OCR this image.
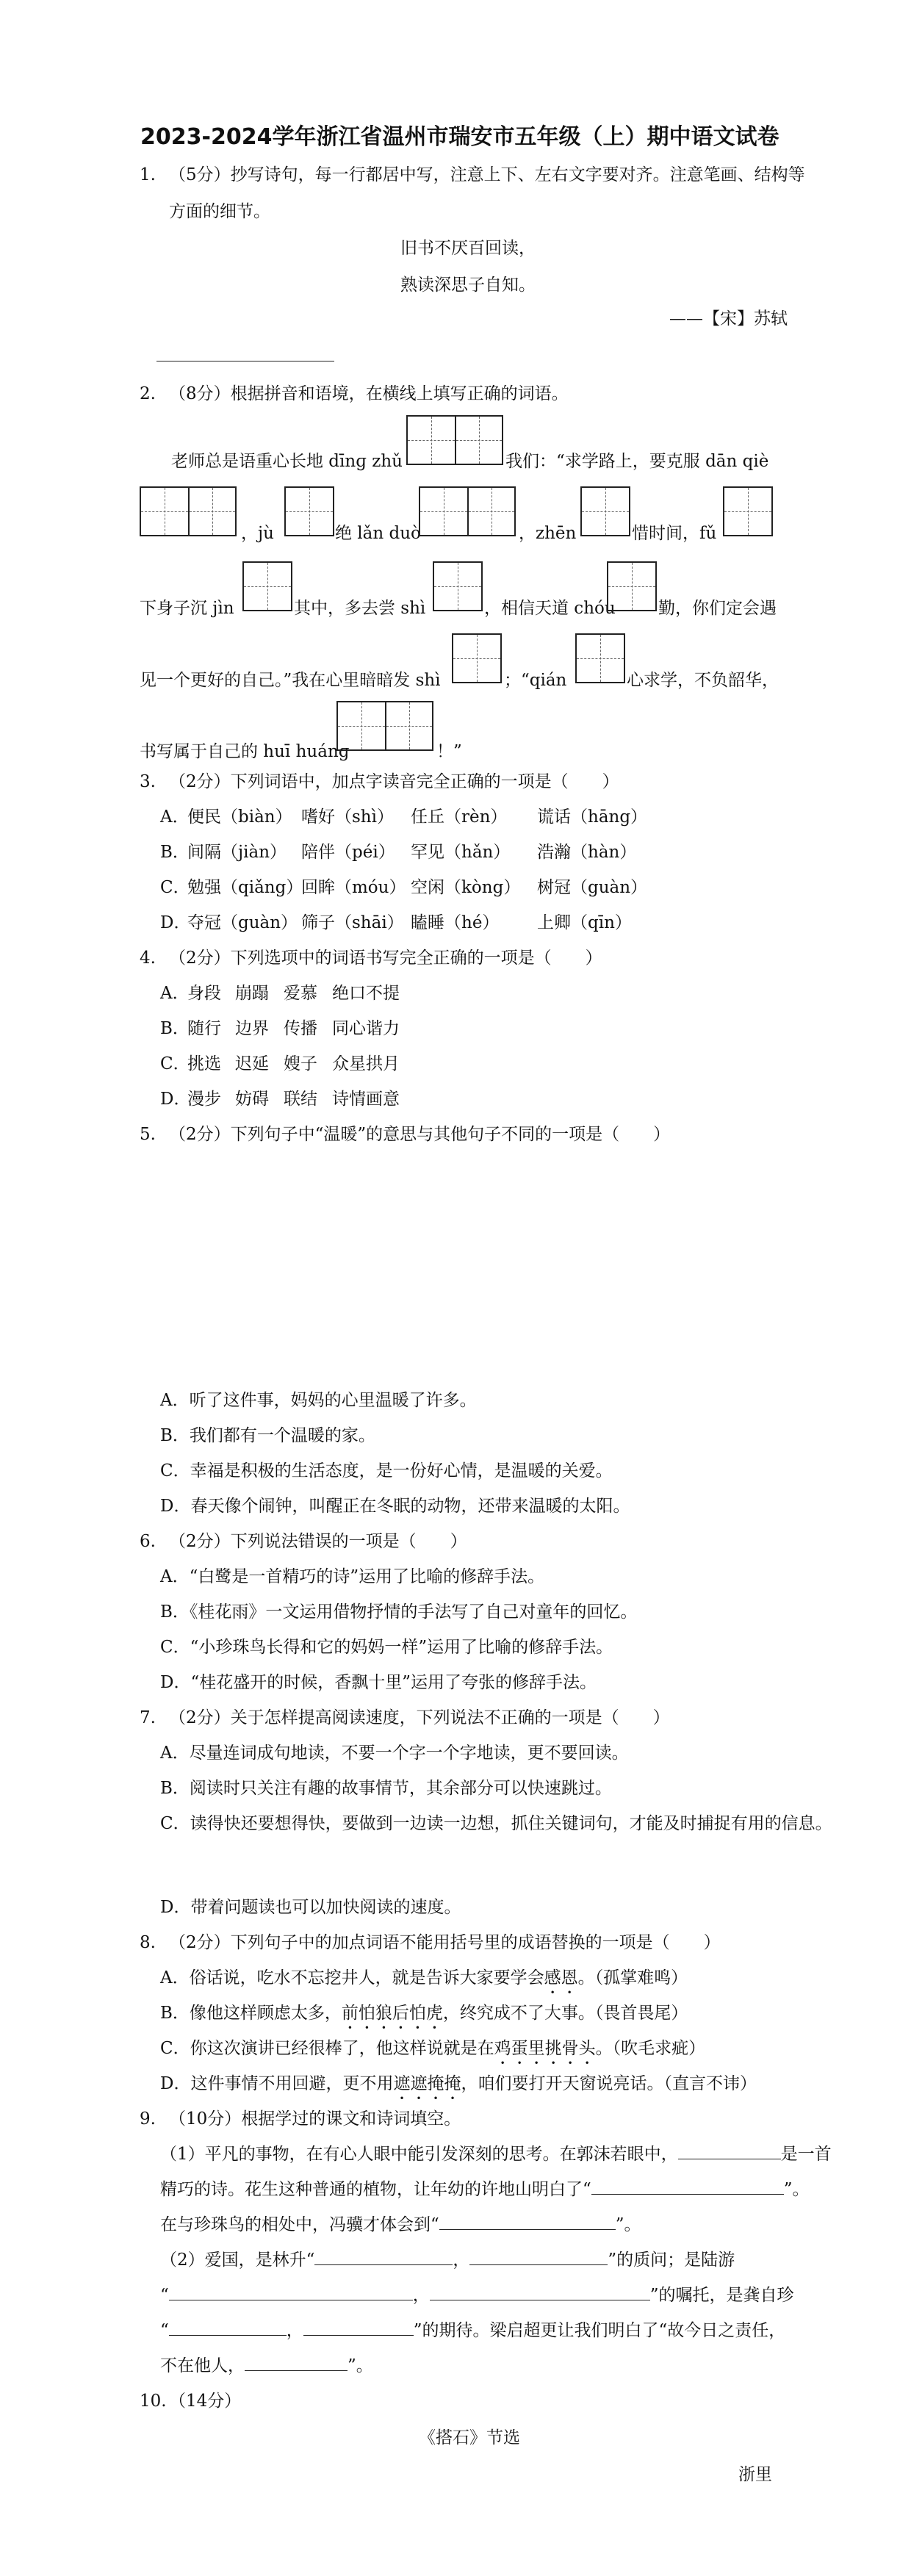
2023-2024学年浙江省温州市瑞安市五年级（上）期中语文试卷
1. （5分）抄写诗句，每一行都居中写，注意上下、左右文字要对齐。注意笔画、结构等
方面的细节。
旧书不厌百回读，
熟读深思子自知。
——【宋】苏轼
2. （8分）根据拼音和语境，在横线上填写正确的词语。
老师总是语重心长地 dīnɡ zhǔ	我们：“求学路上，要克服 dān qiè
，jù	绝 lǎn duò	，zhēn	惜时间，fǔ
下身子沉 jìn	其中，多去尝 shì	，相信天道 chóu	勤，你们定会遇
见一个更好的自己。”我在心里暗暗发 shì	；“qián	心求学，不负韶华，
书写属于自己的 huī huánɡ	！”
3. （2分）下列词语中，加点字读音完全正确的一项是（　　）
A．
便民（biàn） 嗜好（shì） 任丘（rèn） 谎话（hāng）
B．
间隔（jiàn） 陪伴（péi） 罕见（hǎn） 浩瀚（hàn）
C．
勉强（qiǎng）
回眸（móu） 空闲（kòng） 树冠（guàn）
D．
夺冠（guàn） 筛子（shāi） 瞌睡（hé） 上卿（qīn）
4. （2分）下列选项中的词语书写完全正确的一项是（　　）
A．
身段 崩蹋 爱慕 绝口不提
B．
随行 边界 传播 同心谐力
C．
挑选 迟延 嫂子 众星拱月
D．
漫步 妨碍 联结 诗情画意
5. （2分）下列句子中“温暖”的意思与其他句子不同的一项是（　　）
A．听了这件事，妈妈的心里温暖了许多。
B．我们都有一个温暖的家。
C．幸福是积极的生活态度，是一份好心情，是温暖的关爱。
D．春天像个闹钟，叫醒正在冬眠的动物，还带来温暖的太阳。
6. （2分）下列说法错误的一项是（　　）
A．“白鹭是一首精巧的诗”运用了比喻的修辞手法。
B．《桂花雨》一文运用借物抒情的手法写了自己对童年的回忆。
C．“小珍珠鸟长得和它的妈妈一样”运用了比喻的修辞手法。
D．“桂花盛开的时候，香飘十里”运用了夸张的修辞手法。
7. （2分）关于怎样提高阅读速度，下列说法不正确的一项是（　　）
A．尽量连词成句地读，不要一个字一个字地读，更不要回读。
B．阅读时只关注有趣的故事情节，其余部分可以快速跳过。
C．读得快还要想得快，要做到一边读一边想，抓住关键词句，才能及时捕捉有用的信息。
D．带着问题读也可以加快阅读的速度。
8. （2分）下列句子中的加点词语不能用括号里的成语替换的一项是（　　）
A．俗话说，吃水不忘挖井人，就是告诉大家要学会感恩。（孤掌难鸣）
B．像他这样顾虑太多，前怕狼后怕虎，终究成不了大事。（畏首畏尾）
C．你这次演讲已经很棒了，他这样说就是在鸡蛋里挑骨头。（吹毛求疵）
D．这件事情不用回避，更不用遮遮掩掩，咱们要打开天窗说亮话。（直言不讳）
9. （10分）根据学过的课文和诗词填空。
（1）平凡的事物，在有心人眼中能引发深刻的思考。在郭沫若眼中，	是一首
精巧的诗。花生这种普通的植物，让年幼的许地山明白了“	”。
在与珍珠鸟的相处中，冯骥才体会到“	”。
（2）爱国，是林升“	，	”的质问；是陆游
“	，	”的嘱托，是龚自珍
“	，	”的期待。梁启超更让我们明白了“故今日之责任，
不在他人，	”。
10. （14分）
《搭石》节选
浙里
